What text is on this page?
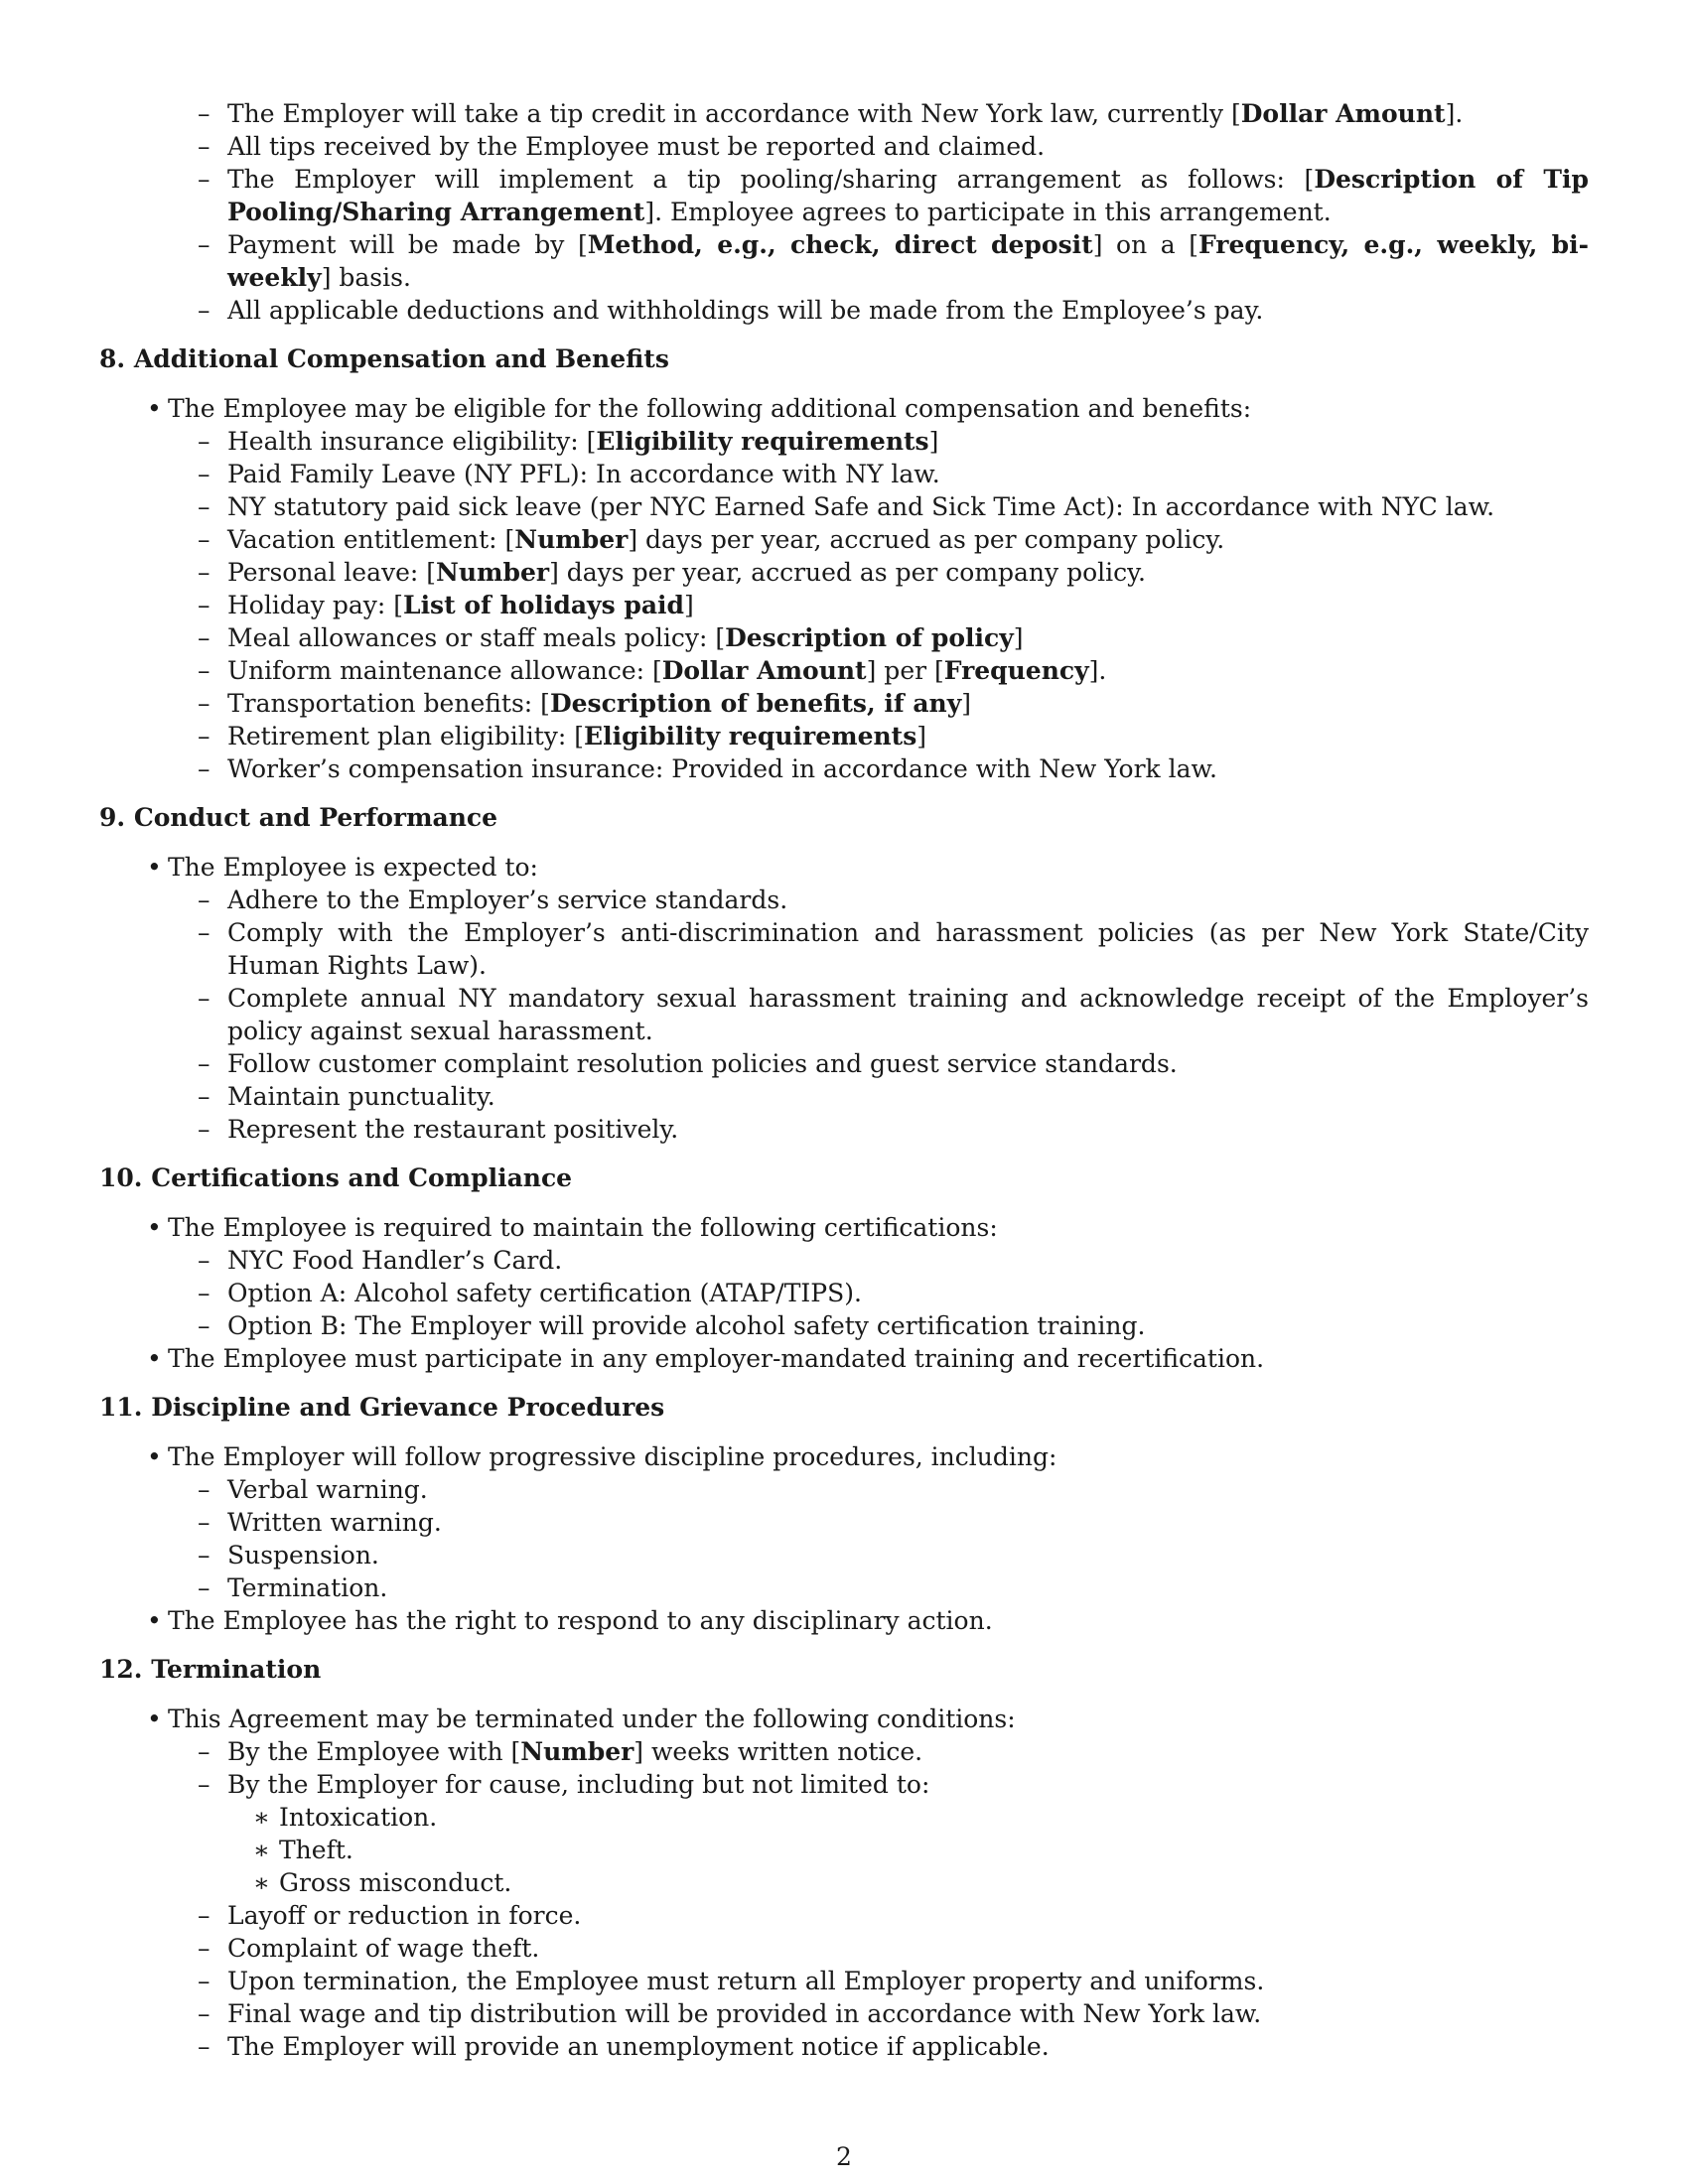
– The Employer will take a tip credit in accordance with New York law, currently [Dollar Amount].
– All tips received by the Employee must be reported and claimed.
– The Employer will implement a tip pooling/sharing arrangement as follows: [Description of Tip Pooling/Sharing Arrangement]. Employee agrees to participate in this arrangement.
– Payment will be made by [Method, e.g., check, direct deposit] on a [Frequency, e.g., weekly, bi-weekly] basis.
– All applicable deductions and withholdings will be made from the Employee’s pay.
8. Additional Compensation and Benefits
• The Employee may be eligible for the following additional compensation and benefits:
– Health insurance eligibility: [Eligibility requirements]
– Paid Family Leave (NY PFL): In accordance with NY law.
– NY statutory paid sick leave (per NYC Earned Safe and Sick Time Act): In accordance with NYC law.
– Vacation entitlement: [Number] days per year, accrued as per company policy.
– Personal leave: [Number] days per year, accrued as per company policy.
– Holiday pay: [List of holidays paid]
– Meal allowances or staff meals policy: [Description of policy]
– Uniform maintenance allowance: [Dollar Amount] per [Frequency].
– Transportation benefits: [Description of benefits, if any]
– Retirement plan eligibility: [Eligibility requirements]
– Worker’s compensation insurance: Provided in accordance with New York law.
9. Conduct and Performance
• The Employee is expected to:
– Adhere to the Employer’s service standards.
– Comply with the Employer’s anti-discrimination and harassment policies (as per New York State/City Human Rights Law).
– Complete annual NY mandatory sexual harassment training and acknowledge receipt of the Employer’s policy against sexual harassment.
– Follow customer complaint resolution policies and guest service standards.
– Maintain punctuality.
– Represent the restaurant positively.
10. Certifications and Compliance
• The Employee is required to maintain the following certifications:
– NYC Food Handler’s Card.
– Option A: Alcohol safety certification (ATAP/TIPS).
– Option B: The Employer will provide alcohol safety certification training.
• The Employee must participate in any employer-mandated training and recertification.
11. Discipline and Grievance Procedures
• The Employer will follow progressive discipline procedures, including:
– Verbal warning.
– Written warning.
– Suspension.
– Termination.
• The Employee has the right to respond to any disciplinary action.
12. Termination
• This Agreement may be terminated under the following conditions:
– By the Employee with [Number] weeks written notice.
– By the Employer for cause, including but not limited to:
∗ Intoxication.
∗ Theft.
∗ Gross misconduct.
– Layoff or reduction in force.
– Complaint of wage theft.
– Upon termination, the Employee must return all Employer property and uniforms.
– Final wage and tip distribution will be provided in accordance with New York law.
– The Employer will provide an unemployment notice if applicable.
2
